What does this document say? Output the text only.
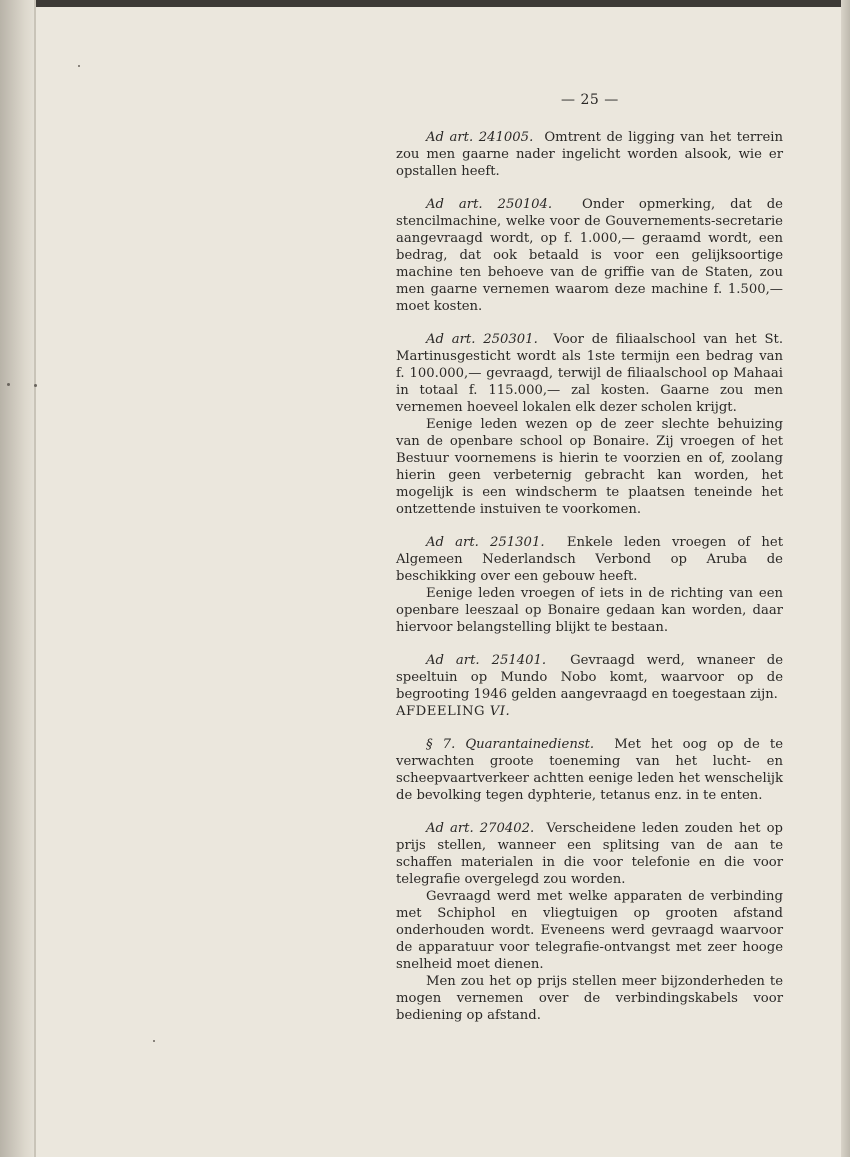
— 25 —

Ad art. 241005. Omtrent de ligging van het terrein zou men gaarne nader ingelicht worden alsook, wie er opstallen heeft.

Ad art. 250104. Onder opmerking, dat de stencilmachine, welke voor de Gouvernements-secretarie aangevraagd wordt, op f. 1.000,— geraamd wordt, een bedrag, dat ook betaald is voor een gelijksoortige machine ten behoeve van de griffie van de Staten, zou men gaarne vernemen waarom deze machine f. 1.500,— moet kosten.

Ad art. 250301. Voor de filiaalschool van het St. Martinusgesticht wordt als 1ste termijn een bedrag van f. 100.000,— gevraagd, terwijl de filiaalschool op Mahaai in totaal f. 115.000,— zal kosten. Gaarne zou men vernemen hoeveel lokalen elk dezer scholen krijgt.

Eenige leden wezen op de zeer slechte behuizing van de openbare school op Bonaire. Zij vroegen of het Bestuur voornemens is hierin te voorzien en of, zoolang hierin geen verbeternig gebracht kan worden, het mogelijk is een windscherm te plaatsen teneinde het ontzettende instuiven te voorkomen.

Ad art. 251301. Enkele leden vroegen of het Algemeen Nederlandsch Verbond op Aruba de beschikking over een gebouw heeft.

Eenige leden vroegen of iets in de richting van een openbare leeszaal op Bonaire gedaan kan worden, daar hiervoor belangstelling blijkt te bestaan.

Ad art. 251401. Gevraagd werd, wnaneer de speeltuin op Mundo Nobo komt, waarvoor op de begrooting 1946 gelden aangevraagd en toegestaan zijn.

AFDEELING VI.

§ 7. Quarantainedienst. Met het oog op de te verwachten groote toeneming van het lucht- en scheepvaartverkeer achtten eenige leden het wenschelijk de bevolking tegen dyphterie, tetanus enz. in te enten.

Ad art. 270402. Verscheidene leden zouden het op prijs stellen, wanneer een splitsing van de aan te schaffen materialen in die voor telefonie en die voor telegrafie overgelegd zou worden.

Gevraagd werd met welke apparaten de verbinding met Schiphol en vliegtuigen op grooten afstand onderhouden wordt. Eveneens werd gevraagd waarvoor de apparatuur voor telegrafie-ontvangst met zeer hooge snelheid moet dienen.

Men zou het op prijs stellen meer bijzonderheden te mogen vernemen over de verbindingskabels voor bediening op afstand.
